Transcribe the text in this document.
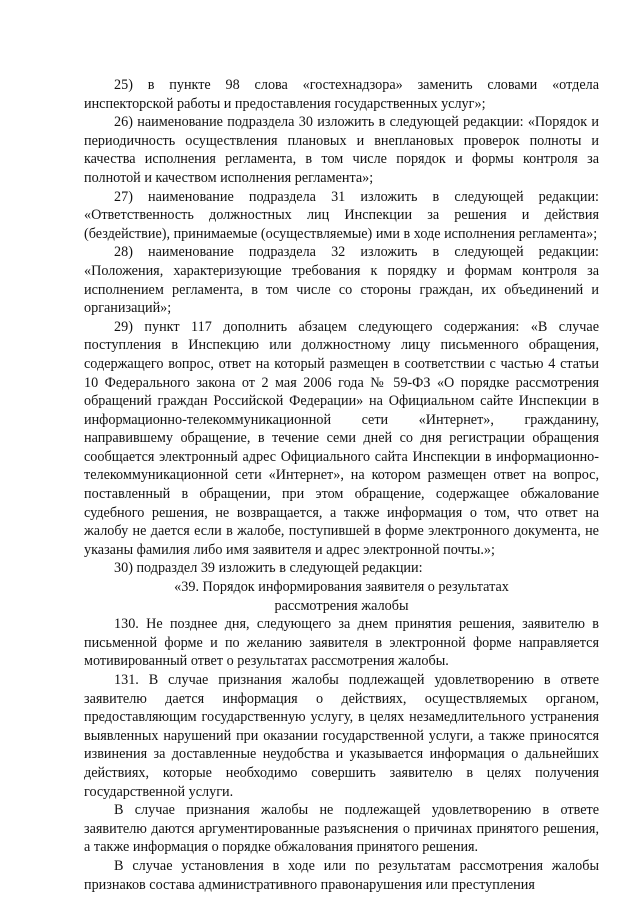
25) в пункте 98 слова «гостехнадзора» заменить словами «отдела инспекторской работы и предоставления государственных услуг»;

26) наименование подраздела 30 изложить в следующей редакции: «Порядок и периодичность осуществления плановых и внеплановых проверок полноты и качества исполнения регламента, в том числе порядок и формы контроля за полнотой и качеством исполнения регламента»;

27) наименование подраздела 31 изложить в следующей редакции: «Ответственность должностных лиц Инспекции за решения и действия (бездействие), принимаемые (осуществляемые) ими в ходе исполнения регламента»;

28) наименование подраздела 32 изложить в следующей редакции: «Положения, характеризующие требования к порядку и формам контроля за исполнением регламента, в том числе со стороны граждан, их объединений и организаций»;

29) пункт 117 дополнить абзацем следующего содержания: «В случае поступления в Инспекцию или должностному лицу письменного обращения, содержащего вопрос, ответ на который размещен в соответствии с частью 4 статьи 10 Федерального закона от 2 мая 2006 года № 59-ФЗ «О порядке рассмотрения обращений граждан Российской Федерации» на Официальном сайте Инспекции в информационно-телекоммуникационной сети «Интернет», гражданину, направившему обращение, в течение семи дней со дня регистрации обращения сообщается электронный адрес Официального сайта Инспекции в информационно-телекоммуникационной сети «Интернет», на котором размещен ответ на вопрос, поставленный в обращении, при этом обращение, содержащее обжалование судебного решения, не возвращается, а также информация о том, что ответ на жалобу не дается если в жалобе, поступившей в форме электронного документа, не указаны фамилия либо имя заявителя и адрес электронной почты.»;

30) подраздел 39 изложить в следующей редакции:

«39. Порядок информирования заявителя о результатах
рассмотрения жалобы

130. Не позднее дня, следующего за днем принятия решения, заявителю в письменной форме и по желанию заявителя в электронной форме направляется мотивированный ответ о результатах рассмотрения жалобы.

131. В случае признания жалобы подлежащей удовлетворению в ответе заявителю дается информация о действиях, осуществляемых органом, предоставляющим государственную услугу, в целях незамедлительного устранения выявленных нарушений при оказании государственной услуги, а также приносятся извинения за доставленные неудобства и указывается информация о дальнейших действиях, которые необходимо совершить заявителю в целях получения государственной услуги.

В случае признания жалобы не подлежащей удовлетворению в ответе заявителю даются аргументированные разъяснения о причинах принятого решения, а также информация о порядке обжалования принятого решения.

В случае установления в ходе или по результатам рассмотрения жалобы признаков состава административного правонарушения или преступления
